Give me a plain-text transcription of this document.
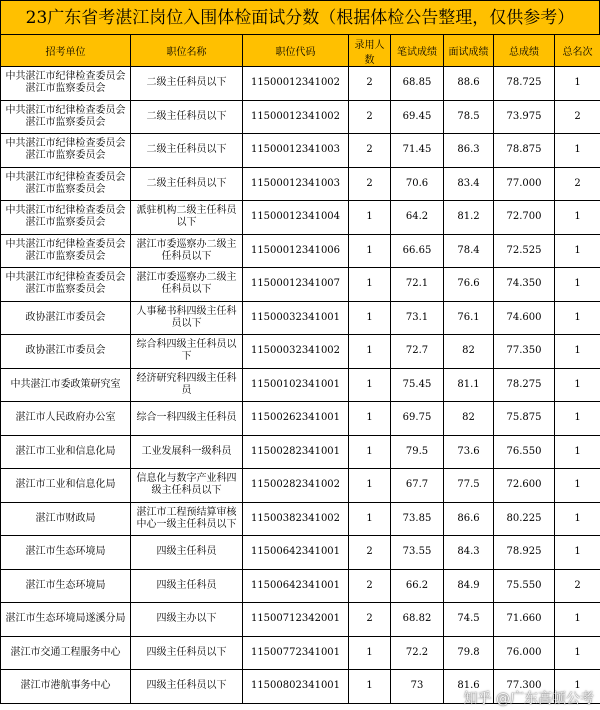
23广东省考湛江岗位入围体检面试分数（根据体检公告整理，仅供参考）
招考单位	职位名称	职位代码	录用人数	笔试成绩	面试成绩	总成绩	总名次
中共湛江市纪律检查委员会湛江市监察委员会	二级主任科员以下	11500012341002	2	68.85	88.6	78.725	1
中共湛江市纪律检查委员会湛江市监察委员会	二级主任科员以下	11500012341002	2	69.45	78.5	73.975	2
中共湛江市纪律检查委员会湛江市监察委员会	二级主任科员以下	11500012341003	2	71.45	86.3	78.875	1
中共湛江市纪律检查委员会湛江市监察委员会	二级主任科员以下	11500012341003	2	70.6	83.4	77.000	2
中共湛江市纪律检查委员会湛江市监察委员会	派驻机构二级主任科员以下	11500012341004	1	64.2	81.2	72.700	1
中共湛江市纪律检查委员会湛江市监察委员会	湛江市委巡察办二级主任科员以下	11500012341006	1	66.65	78.4	72.525	1
中共湛江市纪律检查委员会湛江市监察委员会	湛江市委巡察办二级主任科员以下	11500012341007	1	72.1	76.6	74.350	1
政协湛江市委员会	人事秘书科四级主任科员以下	11500032341001	1	73.1	76.1	74.600	1
政协湛江市委员会	综合科四级主任科员以下	11500032341002	1	72.7	82	77.350	1
中共湛江市委政策研究室	经济研究科四级主任科员	11500102341001	1	75.45	81.1	78.275	1
湛江市人民政府办公室	综合一科四级主任科员	11500262341001	1	69.75	82	75.875	1
湛江市工业和信息化局	工业发展科一级科员	11500282341001	1	79.5	73.6	76.550	1
湛江市工业和信息化局	信息化与数字产业科四级主任科员以下	11500282341002	1	67.7	77.5	72.600	1
湛江市财政局	湛江市工程预结算审核中心一级主任科员以下	11500382341002	1	73.85	86.6	80.225	1
湛江市生态环境局	四级主任科员	11500642341001	2	73.55	84.3	78.925	1
湛江市生态环境局	四级主任科员	11500642341001	2	66.2	84.9	75.550	2
湛江市生态环境局遂溪分局	四级主办以下	11500712342001	2	68.82	74.5	71.660	1
湛江市交通工程服务中心	四级主任科员以下	11500772341001	1	72.2	79.8	76.000	1
湛江市港航事务中心	四级主任科员以下	11500802341001	1	73	81.6	77.300	1
知乎 @广东高顿公考
